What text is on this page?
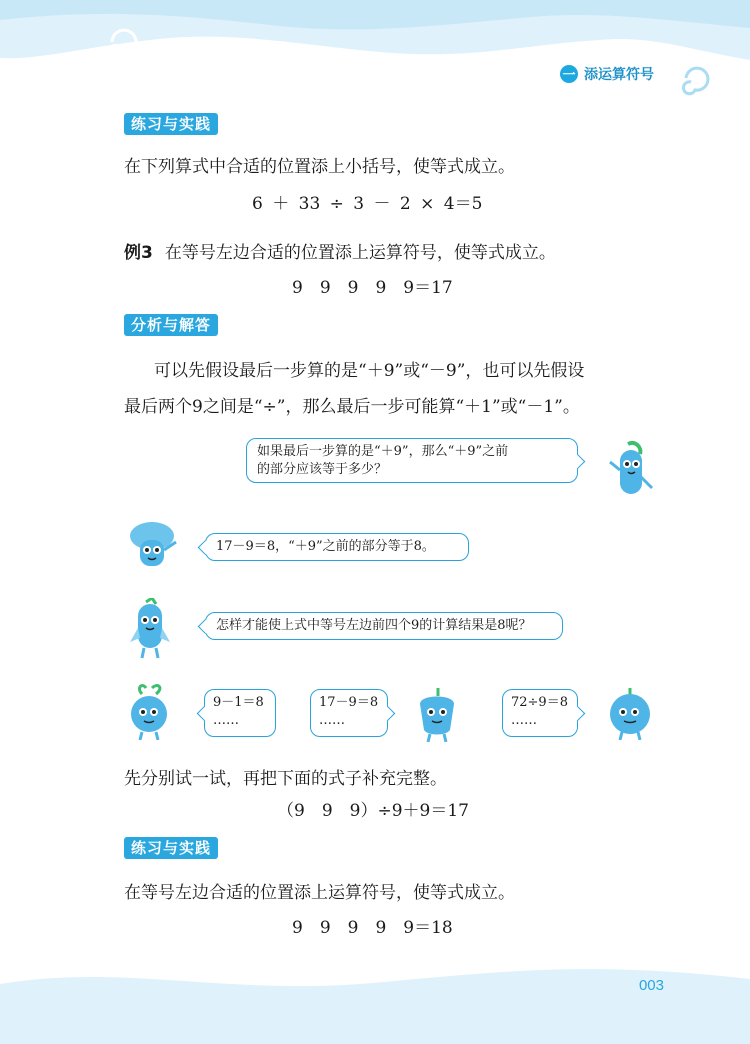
一 添运算符号
练习与实践
在下列算式中合适的位置添上小括号，使等式成立。
6 ＋ 33 ÷ 3 － 2 × 4＝5
例3 在等号左边合适的位置添上运算符号，使等式成立。
9　9　9　9　9＝17
分析与解答
可以先假设最后一步算的是“＋9”或“－9”，也可以先假设
最后两个9之间是“÷”，那么最后一步可能算“＋1”或“－1”。
如果最后一步算的是“＋9”，那么“＋9”之前
的部分应该等于多少？
17－9＝8，“＋9”之前的部分等于8。
怎样才能使上式中等号左边前四个9的计算结果是8呢？
9－1＝8
……
17－9＝8
……
72÷9＝8
……
先分别试一试，再把下面的式子补充完整。
（9　9　9）÷9＋9＝17
练习与实践
在等号左边合适的位置添上运算符号，使等式成立。
9　9　9　9　9＝18
003
